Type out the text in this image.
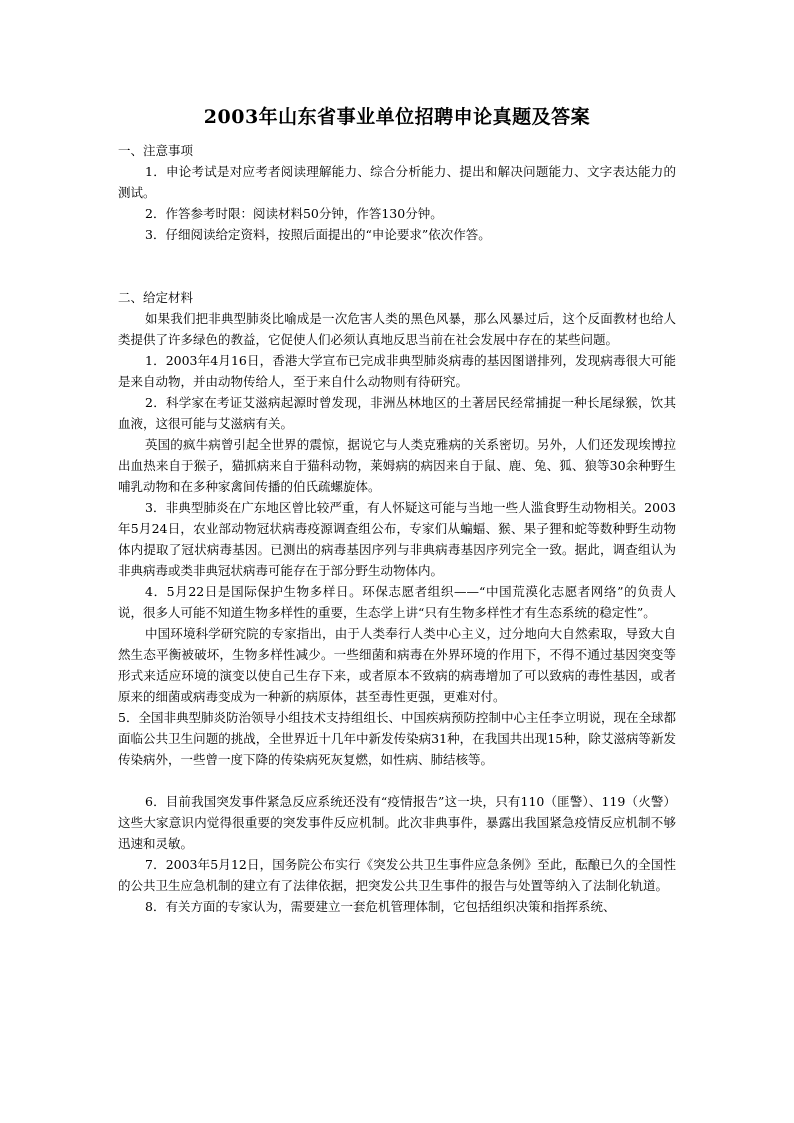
2003年山东省事业单位招聘申论真题及答案

一、注意事项

1．申论考试是对应考者阅读理解能力、综合分析能力、提出和解决问题能力、文字表达能力的测试。

2．作答参考时限：阅读材料50分钟，作答130分钟。

3．仔细阅读给定资料，按照后面提出的“申论要求”依次作答。

二、给定材料

如果我们把非典型肺炎比喻成是一次危害人类的黑色风暴，那么风暴过后，这个反面教材也给人类提供了许多绿色的教益，它促使人们必须认真地反思当前在社会发展中存在的某些问题。

1．2003年4月16日，香港大学宣布已完成非典型肺炎病毒的基因图谱排列，发现病毒很大可能是来自动物，并由动物传给人，至于来自什么动物则有待研究。

2．科学家在考证艾滋病起源时曾发现，非洲丛林地区的土著居民经常捕捉一种长尾绿猴，饮其血液，这很可能与艾滋病有关。

英国的疯牛病曾引起全世界的震惊，据说它与人类克雅病的关系密切。另外，人们还发现埃博拉出血热来自于猴子，猫抓病来自于猫科动物，莱姆病的病因来自于鼠、鹿、兔、狐、狼等30余种野生哺乳动物和在多种家禽间传播的伯氏疏螺旋体。

3．非典型肺炎在广东地区曾比较严重，有人怀疑这可能与当地一些人滥食野生动物相关。2003年5月24日，农业部动物冠状病毒疫源调查组公布，专家们从蝙蝠、猴、果子狸和蛇等数种野生动物体内提取了冠状病毒基因。已测出的病毒基因序列与非典病毒基因序列完全一致。据此，调查组认为非典病毒或类非典冠状病毒可能存在于部分野生动物体内。

4．5月22日是国际保护生物多样日。环保志愿者组织——“中国荒漠化志愿者网络”的负责人说，很多人可能不知道生物多样性的重要，生态学上讲“只有生物多样性才有生态系统的稳定性”。

中国环境科学研究院的专家指出，由于人类奉行人类中心主义，过分地向大自然索取，导致大自然生态平衡被破坏，生物多样性减少。一些细菌和病毒在外界环境的作用下，不得不通过基因突变等形式来适应环境的演变以使自己生存下来，或者原本不致病的病毒增加了可以致病的毒性基因，或者原来的细菌或病毒变成为一种新的病原体，甚至毒性更强，更难对付。

5．全国非典型肺炎防治领导小组技术支持组组长、中国疾病预防控制中心主任李立明说，现在全球都面临公共卫生问题的挑战，全世界近十几年中新发传染病31种，在我国共出现15种，除艾滋病等新发传染病外，一些曾一度下降的传染病死灰复燃，如性病、肺结核等。

6．目前我国突发事件紧急反应系统还没有“疫情报告”这一块，只有110（匪警）、119（火警）这些大家意识内觉得很重要的突发事件反应机制。此次非典事件，暴露出我国紧急疫情反应机制不够迅速和灵敏。

7．2003年5月12日，国务院公布实行《突发公共卫生事件应急条例》至此，酝酿已久的全国性的公共卫生应急机制的建立有了法律依据，把突发公共卫生事件的报告与处置等纳入了法制化轨道。

8．有关方面的专家认为，需要建立一套危机管理体制，它包括组织决策和指挥系统、
